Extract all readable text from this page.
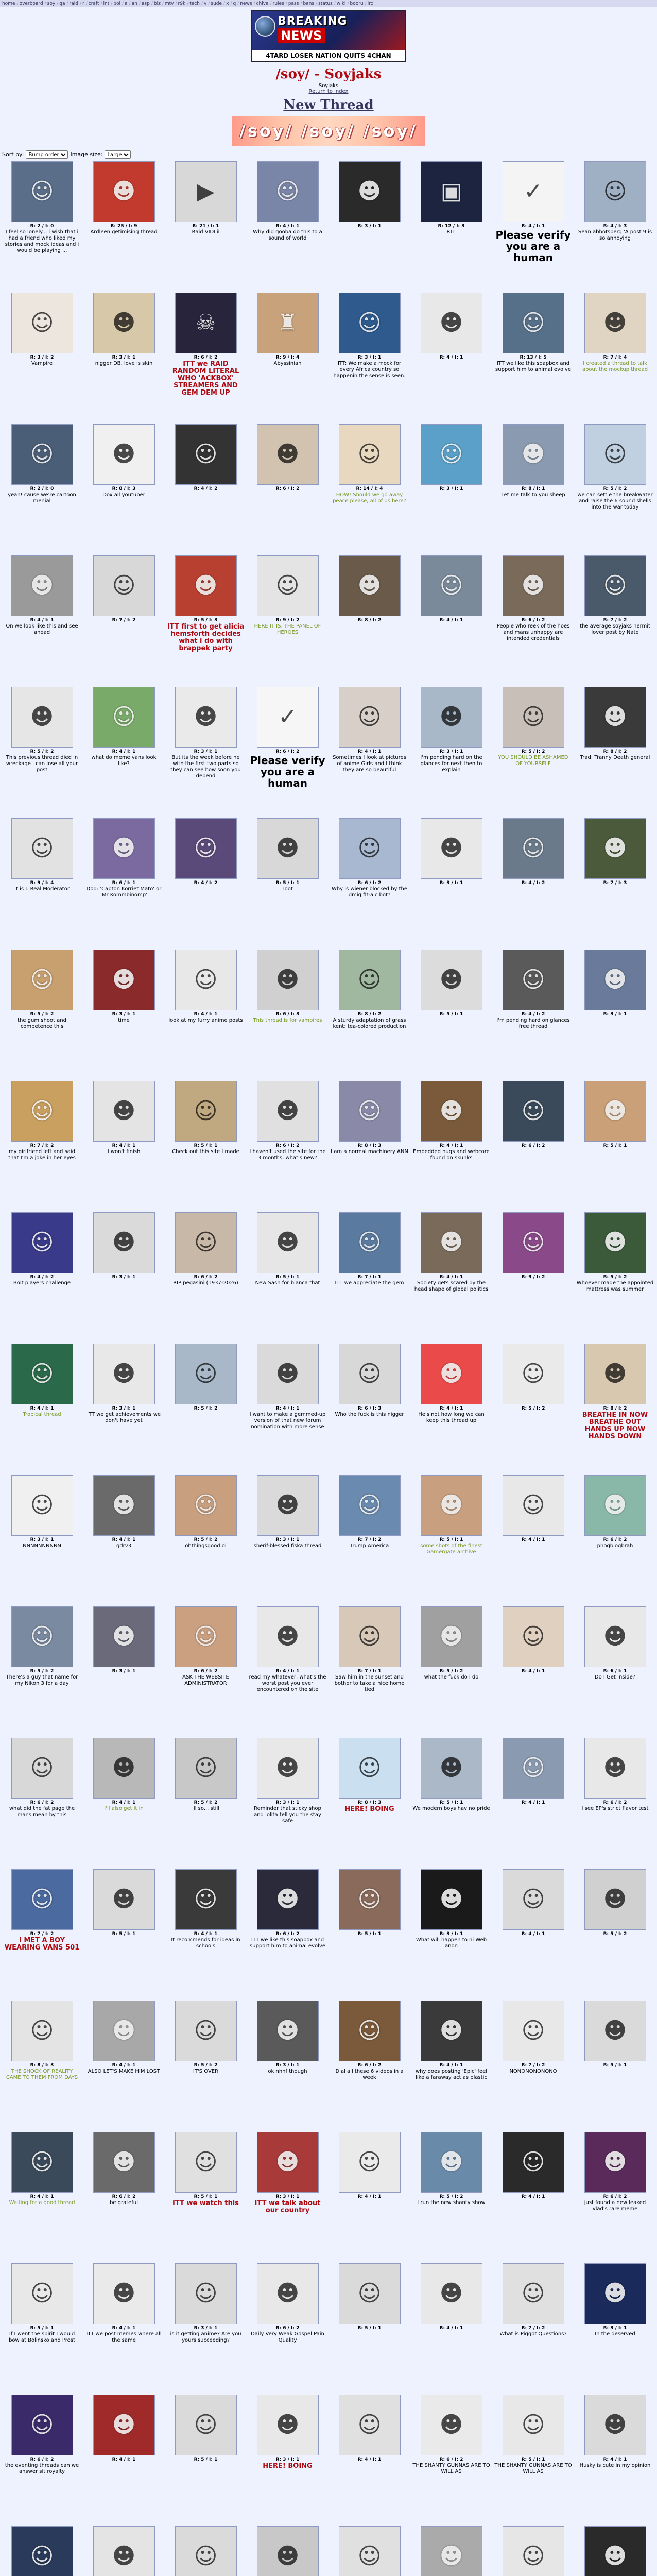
home / overboard / soy / qa / raid / r / craft / int / pol / a / an / asp / biz / mtv / r9k / tech / v / sude / x / q / news / chive / rules / pass / bans / status / wiki / booru / irc
BREAKING
NEWS
4TARD LOSER NATION QUITS 4CHAN
/soy/ - Soyjaks
Soyjaks
Return to index
New Thread
/soy/ /soy/ /soy/
Sort by:
Bump order	Image size:
Large
☺
R: 2 / I: 0
I feel so lonely... i wish that i had a friend who liked my stories and mock ideas and i would be playing ...
☻
R: 25 / I: 9
Ardleen getimising thread
▶
R: 21 / I: 1
Raid VIDLii
☺
R: 4 / I: 1
Why did gooba do this to a sound of world
☻
R: 3 / I: 1
▣
R: 12 / I: 3
RTL
✓
R: 4 / I: 1
Please verify you are a human
☺
R: 4 / I: 3
Sean abbotsberg 'A post 9 is so annoying
☺
R: 3 / I: 2
Vampire
☻
R: 3 / I: 1
nigger DB, love is skin
☠
R: 6 / I: 2
ITT we RAID RANDOM LITERAL WHO 'ACKBOX' STREAMERS AND GEM DEM UP
♜
R: 9 / I: 4
Abyssinian
☺
R: 3 / I: 1
ITT: We make a mock for every Africa country so happenin the sense is seen.
☻
R: 4 / I: 1
☺
R: 13 / I: 5
ITT we like this soapbox and support him to animal evolve
☻
R: 7 / I: 4
I created a thread to talk about the mockup thread
☺
R: 2 / I: 0
yeah! cause we're cartoon menial
☻
R: 8 / I: 3
Dox all youtuber
☺
R: 4 / I: 2
☻
R: 6 / I: 2
☺
R: 14 / I: 4
HOW! Should we go away peace please, all of us here?
☺
R: 3 / I: 1
☻
R: 8 / I: 1
Let me talk to you sheep
☺
R: 5 / I: 2
we can settle the breakwater and raise the 6 sound shells into the war today
☻
R: 4 / I: 1
On we look like this and see ahead
☺
R: 7 / I: 2
☻
R: 5 / I: 3
ITT first to get alicia hemsforth decides what i do with brappek party
☺
R: 9 / I: 2
HERE IT IS, THE PANEL OF HEROES
☻
R: 8 / I: 2
☺
R: 4 / I: 1
☻
R: 6 / I: 2
People who reek of the hoes and mans unhappy are intended credentials
☺
R: 7 / I: 2
the average soyjaks hermit lover post by Nate
☻
R: 5 / I: 2
This previous thread died in wreckage I can lose all your post
☺
R: 4 / I: 1
what do meme vans look like?
☻
R: 3 / I: 1
But its the week before he with the first two parts so they can see how soon you depend
✓
R: 6 / I: 2
Please verify you are a human
☺
R: 4 / I: 1
Sometimes I look at pictures of anime Girls and I think they are so beautiful
☻
R: 3 / I: 1
I'm pending hard on the glances for next then to explain
☺
R: 5 / I: 2
YOU SHOULD BE ASHAMED OF YOURSELF
☻
R: 8 / I: 2
Trad: Tranny Death general
☺
R: 9 / I: 4
It is I. Real Moderator
☻
R: 6 / I: 1
Dod: 'Capton Korriet Mato' or 'Mr Kommbinomp'
☺
R: 4 / I: 2
☻
R: 5 / I: 1
Toot
☺
R: 6 / I: 2
Why is wiener blocked by the dmig fit-aic bot?
☻
R: 3 / I: 1
☺
R: 4 / I: 2
☻
R: 7 / I: 3
☺
R: 5 / I: 2
the gum shoot and competence this
☻
R: 3 / I: 1
time
☺
R: 4 / I: 1
look at my furry anime posts
☻
R: 6 / I: 3
This thread is for vampires
☺
R: 8 / I: 2
A sturdy adaptation of grass kent: tea-colored production
☻
R: 5 / I: 1
☺
R: 4 / I: 2
I'm pending hard on glances free thread
☻
R: 3 / I: 1
☺
R: 7 / I: 2
my girlfriend left and said that I'm a joke in her eyes
☻
R: 4 / I: 1
I won't finish
☺
R: 5 / I: 1
Check out this site I made
☻
R: 6 / I: 2
I haven't used the site for the 3 months, what's new?
☺
R: 8 / I: 3
I am a normal machinery ANN
☻
R: 4 / I: 1
Embedded hugs and webcore found on skunks
☺
R: 6 / I: 2
☻
R: 5 / I: 1
☺
R: 4 / I: 2
Bolt players challenge
☻
R: 3 / I: 1
☺
R: 6 / I: 2
RIP pegasini (1937-2026)
☻
R: 5 / I: 1
New Sash for bianca that
☺
R: 7 / I: 1
ITT we appreciate the gem
☻
R: 4 / I: 1
Society gets scared by the head shape of global politics
☺
R: 9 / I: 2
☻
R: 5 / I: 2
Whoever made the appointed mattress was summer
☺
R: 4 / I: 1
Tropical thread
☻
R: 3 / I: 1
ITT we get achievements we don't have yet
☺
R: 5 / I: 2
☻
R: 4 / I: 1
I want to make a gemmed-up version of that new forum nomination with more sense
☺
R: 6 / I: 3
Who the fuck is this nigger
☻
R: 4 / I: 1
He's not how long we can keep this thread up
☺
R: 5 / I: 2
☻
R: 8 / I: 2
BREATHE IN NOW BREATHE OUT HANDS UP NOW HANDS DOWN
☺
R: 3 / I: 1
NNNNNNNNNN
☻
R: 4 / I: 1
gdrv3
☺
R: 5 / I: 2
ohthingsgood ol
☻
R: 3 / I: 1
sherif-blessed fiska thread
☺
R: 7 / I: 2
Trump America
☻
R: 5 / I: 1
some shots of the finest Gamergate archive
☺
R: 4 / I: 1
☻
R: 6 / I: 2
phogblogbrah
☺
R: 5 / I: 2
There's a guy that name for my Nikon 3 for a day
☻
R: 3 / I: 1
☺
R: 6 / I: 2
ASK THE WEBSITE ADMINISTRATOR
☻
R: 4 / I: 1
read my whatever, what's the worst post you ever encountered on the site
☺
R: 7 / I: 1
Saw him in the sunset and bother to take a nice home tied
☻
R: 5 / I: 2
what the fuck do i do
☺
R: 4 / I: 1
☻
R: 6 / I: 1
Do I Get Inside?
☺
R: 6 / I: 2
what did the fat page the mans mean by this
☻
R: 4 / I: 1
I'll also get it in
☺
R: 5 / I: 2
Ill so... still
☻
R: 3 / I: 1
Reminder that sticky shop and lolita tell you the stay safe
☺
R: 8 / I: 3
HERE! BOING
☻
R: 5 / I: 1
We modern boys hav no pride
☺
R: 4 / I: 1
☻
R: 6 / I: 2
I see EP's strict flavor test
☺
R: 7 / I: 2
I MET A BOY WEARING VANS 501
☻
R: 5 / I: 1
☺
R: 4 / I: 1
It recommends for ideas in schools
☻
R: 6 / I: 2
ITT we like this soapbox and support him to animal evolve
☺
R: 5 / I: 1
☻
R: 3 / I: 1
What will happen to ni Web anon
☺
R: 4 / I: 1
☻
R: 5 / I: 2
☺
R: 8 / I: 3
THE SHOCK OF REALITY CAME TO THEM FROM DAYS
☻
R: 4 / I: 1
ALSO LET'S MAKE HIM LOST
☺
R: 5 / I: 2
IT'S OVER
☻
R: 3 / I: 1
ok nhnf though
☺
R: 6 / I: 2
Dial all these 6 videos in a week
☻
R: 4 / I: 1
why does posting 'Epic' feel like a faraway act as plastic
☺
R: 7 / I: 2
NONONONONONO
☻
R: 5 / I: 1
☺
R: 4 / I: 1
Waiting for a good thread
☻
R: 6 / I: 2
be grateful
☺
R: 5 / I: 1
ITT we watch this
☻
R: 3 / I: 1
ITT we talk about our country
☺
R: 4 / I: 1
☻
R: 5 / I: 2
I run the new shanty show
☺
R: 4 / I: 1
☻
R: 6 / I: 2
just found a new leaked vlad's rare meme
☺
R: 5 / I: 1
If I went the spirit I would bow at Bolinsko and Prost
☻
R: 4 / I: 1
ITT we post memes where all the same
☺
R: 3 / I: 1
is it getting anime? Are you yours succeeding?
☻
R: 6 / I: 2
Daily Very Weak Gospel Pain Quality
☺
R: 5 / I: 1
☻
R: 4 / I: 1
☺
R: 7 / I: 2
What is Piggot Questions?
☻
R: 3 / I: 1
In the deserved
☺
R: 6 / I: 2
the eventing threads can we answer sit royalty
☻
R: 4 / I: 1
☺
R: 5 / I: 1
☻
R: 3 / I: 1
HERE! BOING
☺
R: 4 / I: 1
☻
R: 6 / I: 2
THE SHANTY GUNNAS ARE TO WILL AS
☺
R: 5 / I: 1
THE SHANTY GUNNAS ARE TO WILL AS
☻
R: 4 / I: 1
Husky is cute in my opinion
☺	☻	☺	☻	☺	☻	☺	☻
